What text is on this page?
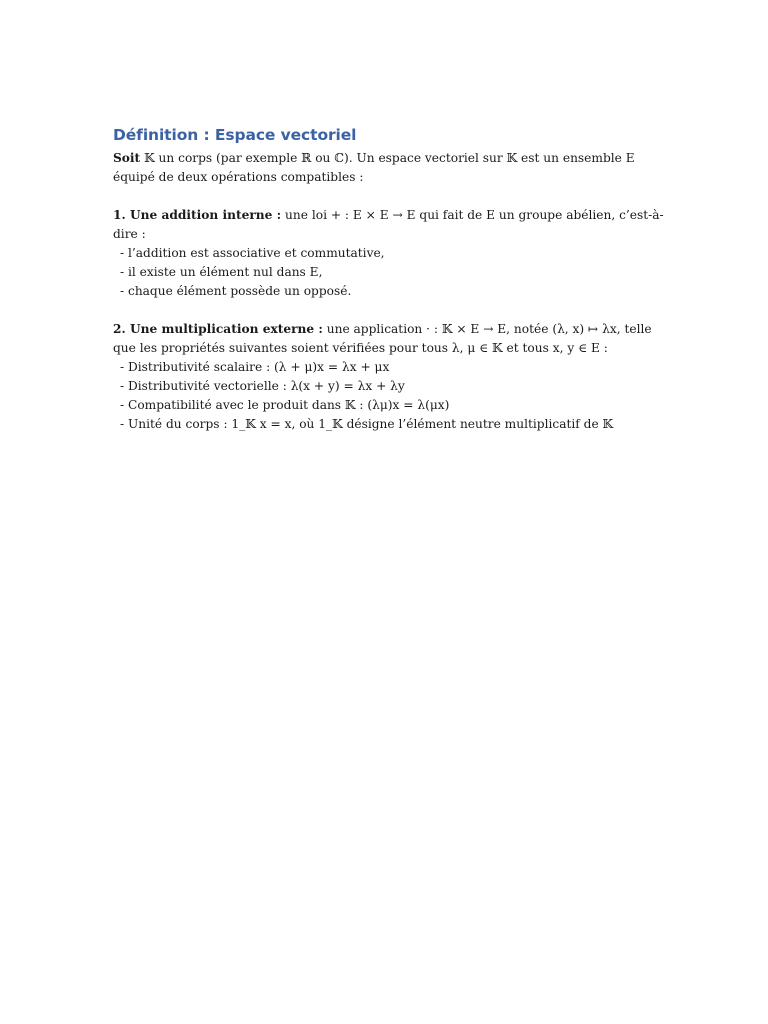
Définition : Espace vectoriel

Soit 𝕂 un corps (par exemple ℝ ou ℂ). Un espace vectoriel sur 𝕂 est un ensemble E équipé de deux opérations compatibles :

1. Une addition interne : une loi + : E × E → E qui fait de E un groupe abélien, c’est-à-dire :

- l’addition est associative et commutative,

- il existe un élément nul dans E,

- chaque élément possède un opposé.

2. Une multiplication externe : une application · : 𝕂 × E → E, notée (λ, x) ↦ λx, telle que les propriétés suivantes soient vérifiées pour tous λ, μ ∈ 𝕂 et tous x, y ∈ E :

- Distributivité scalaire : (λ + μ)x = λx + μx

- Distributivité vectorielle : λ(x + y) = λx + λy

- Compatibilité avec le produit dans 𝕂 : (λμ)x = λ(μx)

- Unité du corps : 1_𝕂 x = x, où 1_𝕂 désigne l’élément neutre multiplicatif de 𝕂
